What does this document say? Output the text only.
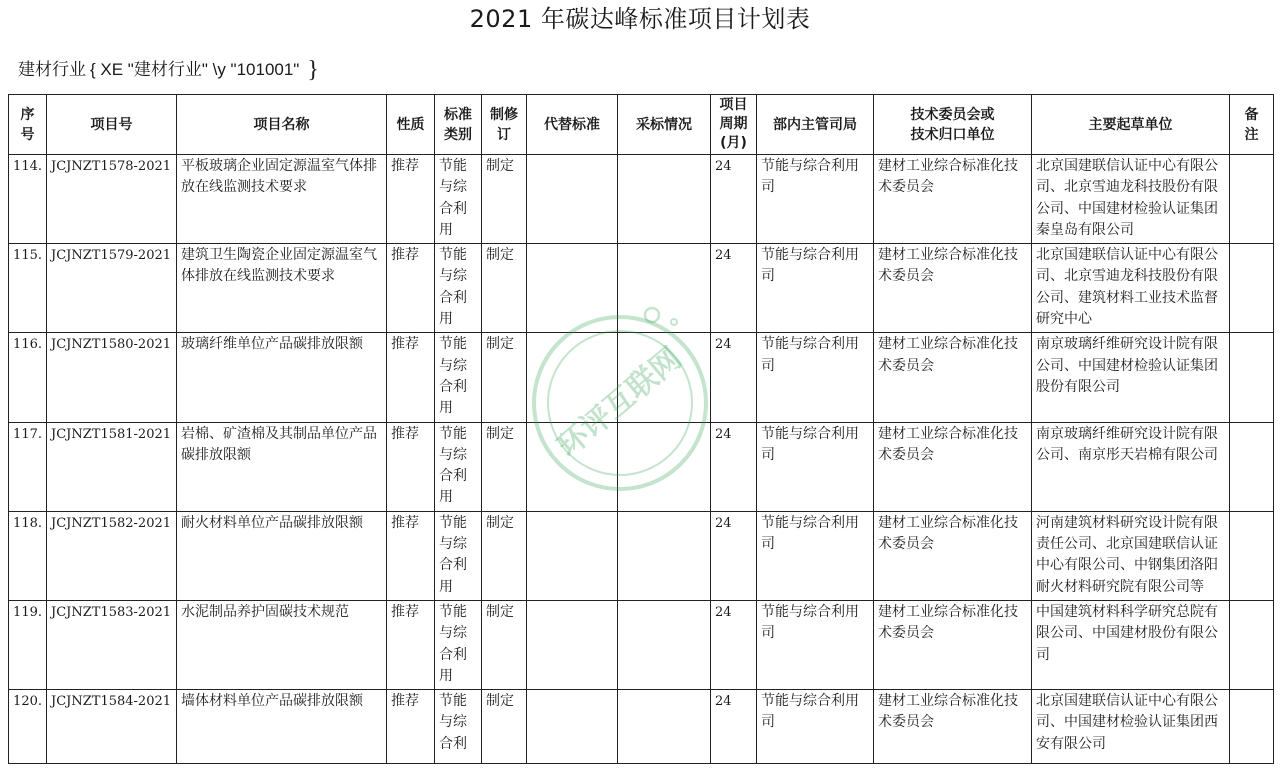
2021 年碳达峰标准项目计划表
建材行业 { XE "建材行业" \y "101001" }
序号	项目号	项目名称	性质	标准类别	制修订	代替标准	采标情况	项目周期(月)	部内主管司局	技术委员会或技术归口单位	主要起草单位	备注

114.	JCJNZT1578-2021	平板玻璃企业固定源温室气体排放在线监测技术要求	推荐	节能与综合利用	制定			24	节能与综合利用司	建材工业综合标准化技术委员会	北京国建联信认证中心有限公司、北京雪迪龙科技股份有限公司、中国建材检验认证集团秦皇岛有限公司	
115.	JCJNZT1579-2021	建筑卫生陶瓷企业固定源温室气体排放在线监测技术要求	推荐	节能与综合利用	制定			24	节能与综合利用司	建材工业综合标准化技术委员会	北京国建联信认证中心有限公司、北京雪迪龙科技股份有限公司、建筑材料工业技术监督研究中心	
116.	JCJNZT1580-2021	玻璃纤维单位产品碳排放限额	推荐	节能与综合利用	制定			24	节能与综合利用司	建材工业综合标准化技术委员会	南京玻璃纤维研究设计院有限公司、中国建材检验认证集团股份有限公司	
117.	JCJNZT1581-2021	岩棉、矿渣棉及其制品单位产品碳排放限额	推荐	节能与综合利用	制定			24	节能与综合利用司	建材工业综合标准化技术委员会	南京玻璃纤维研究设计院有限公司、南京彤天岩棉有限公司	
118.	JCJNZT1582-2021	耐火材料单位产品碳排放限额	推荐	节能与综合利用	制定			24	节能与综合利用司	建材工业综合标准化技术委员会	河南建筑材料研究设计院有限责任公司、北京国建联信认证中心有限公司、中钢集团洛阳耐火材料研究院有限公司等	
119.	JCJNZT1583-2021	水泥制品养护固碳技术规范	推荐	节能与综合利用	制定			24	节能与综合利用司	建材工业综合标准化技术委员会	中国建筑材料科学研究总院有限公司、中国建材股份有限公司	
120.	JCJNZT1584-2021	墙体材料单位产品碳排放限额	推荐	节能与综合利	制定			24	节能与综合利用司	建材工业综合标准化技术委员会	北京国建联信认证中心有限公司、中国建材检验认证集团西安有限公司	
环评互联网
